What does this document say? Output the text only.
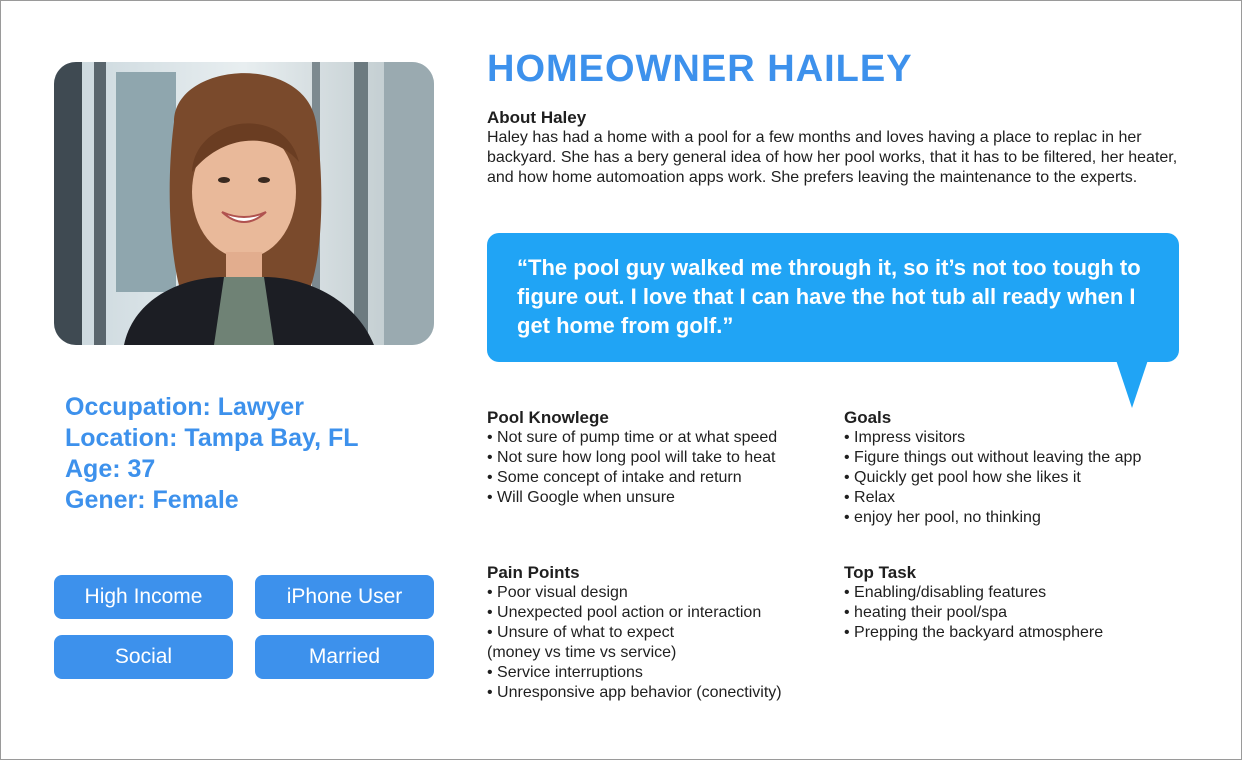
Occupation: Lawyer
Location: Tampa Bay, FL
Age: 37
Gener: Female
High Income	iPhone User
Social	Married
HOMEOWNER HAILEY
About Haley

Haley has had a home with a pool for a few months and loves having a place to replac in her backyard. She has a bery general idea of how her pool works, that it has to be filtered, her heater, and how home automoation apps work. She prefers leaving the maintenance to the experts.

“The pool guy walked me through it, so it’s not too tough to figure out. I love that I can have the hot tub all ready when I get home from golf.”
Pool Knowlege
• Not sure of pump time or at what speed
• Not sure how long pool will take to heat
• Some concept of intake and return
• Will Google when unsure
Goals
• Impress visitors
• Figure things out without leaving the app
• Quickly get pool how she likes it
• Relax
• enjoy her pool, no thinking
Pain Points
• Poor visual design
• Unexpected pool action or interaction
• Unsure of what to expect
(money vs time vs service)
• Service interruptions
• Unresponsive app behavior (conectivity)
Top Task
• Enabling/disabling features
• heating their pool/spa
• Prepping the backyard atmosphere
